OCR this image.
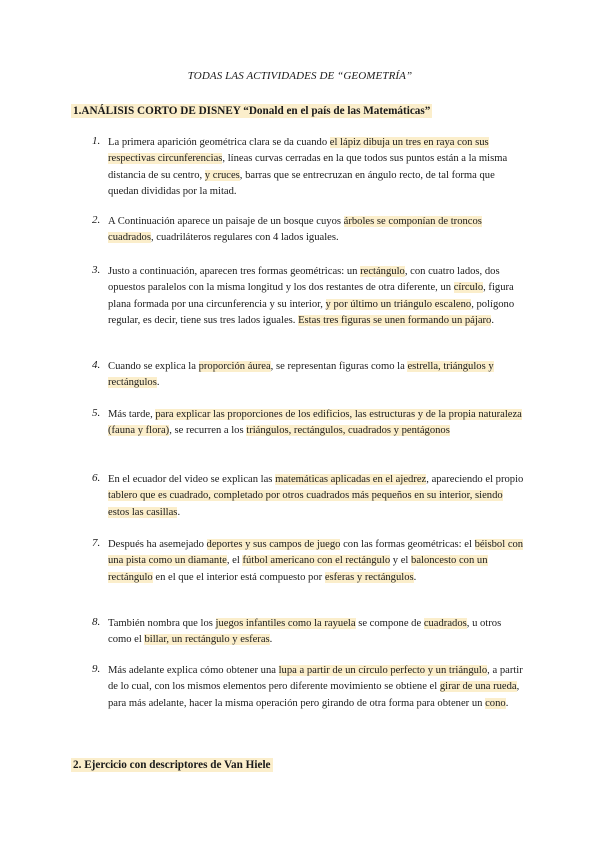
TODAS LAS ACTIVIDADES DE “GEOMETRÍA”
1.ANÁLISIS CORTO DE DISNEY “Donald en el país de las Matemáticas”
1. La primera aparición geométrica clara se da cuando el lápiz dibuja un tres en raya con sus respectivas circunferencias, líneas curvas cerradas en la que todos sus puntos están a la misma distancia de su centro, y cruces, barras que se entrecruzan en ángulo recto, de tal forma que quedan divididas por la mitad.
2. A Continuación aparece un paisaje de un bosque cuyos árboles se componían de troncos cuadrados, cuadriláteros regulares con 4 lados iguales.
3. Justo a continuación, aparecen tres formas geométricas: un rectángulo, con cuatro lados, dos opuestos paralelos con la misma longitud y los dos restantes de otra diferente, un círculo, figura plana formada por una circunferencia y su interior, y por último un triángulo escaleno, polígono regular, es decir, tiene sus tres lados iguales. Estas tres figuras se unen formando un pájaro.
4. Cuando se explica la proporción áurea, se representan figuras como la estrella, triángulos y rectángulos.
5. Más tarde, para explicar las proporciones de los edificios, las estructuras y de la propia naturaleza (fauna y flora), se recurren a los triángulos, rectángulos, cuadrados y pentágonos
6. En el ecuador del video se explican las matemáticas aplicadas en el ajedrez, apareciendo el propio tablero que es cuadrado, completado por otros cuadrados más pequeños en su interior, siendo estos las casillas.
7. Después ha asemejado deportes y sus campos de juego con las formas geométricas: el béisbol con una pista como un diamante, el fútbol americano con el rectángulo y el baloncesto con un rectángulo en el que el interior está compuesto por esferas y rectángulos.
8. También nombra que los juegos infantiles como la rayuela se compone de cuadrados, u otros como el billar, un rectángulo y esferas.
9. Más adelante explica cómo obtener una lupa a partir de un círculo perfecto y un triángulo, a partir de lo cual, con los mismos elementos pero diferente movimiento se obtiene el girar de una rueda, para más adelante, hacer la misma operación pero girando de otra forma para obtener un cono.
2. Ejercicio con descriptores de Van Hiele
